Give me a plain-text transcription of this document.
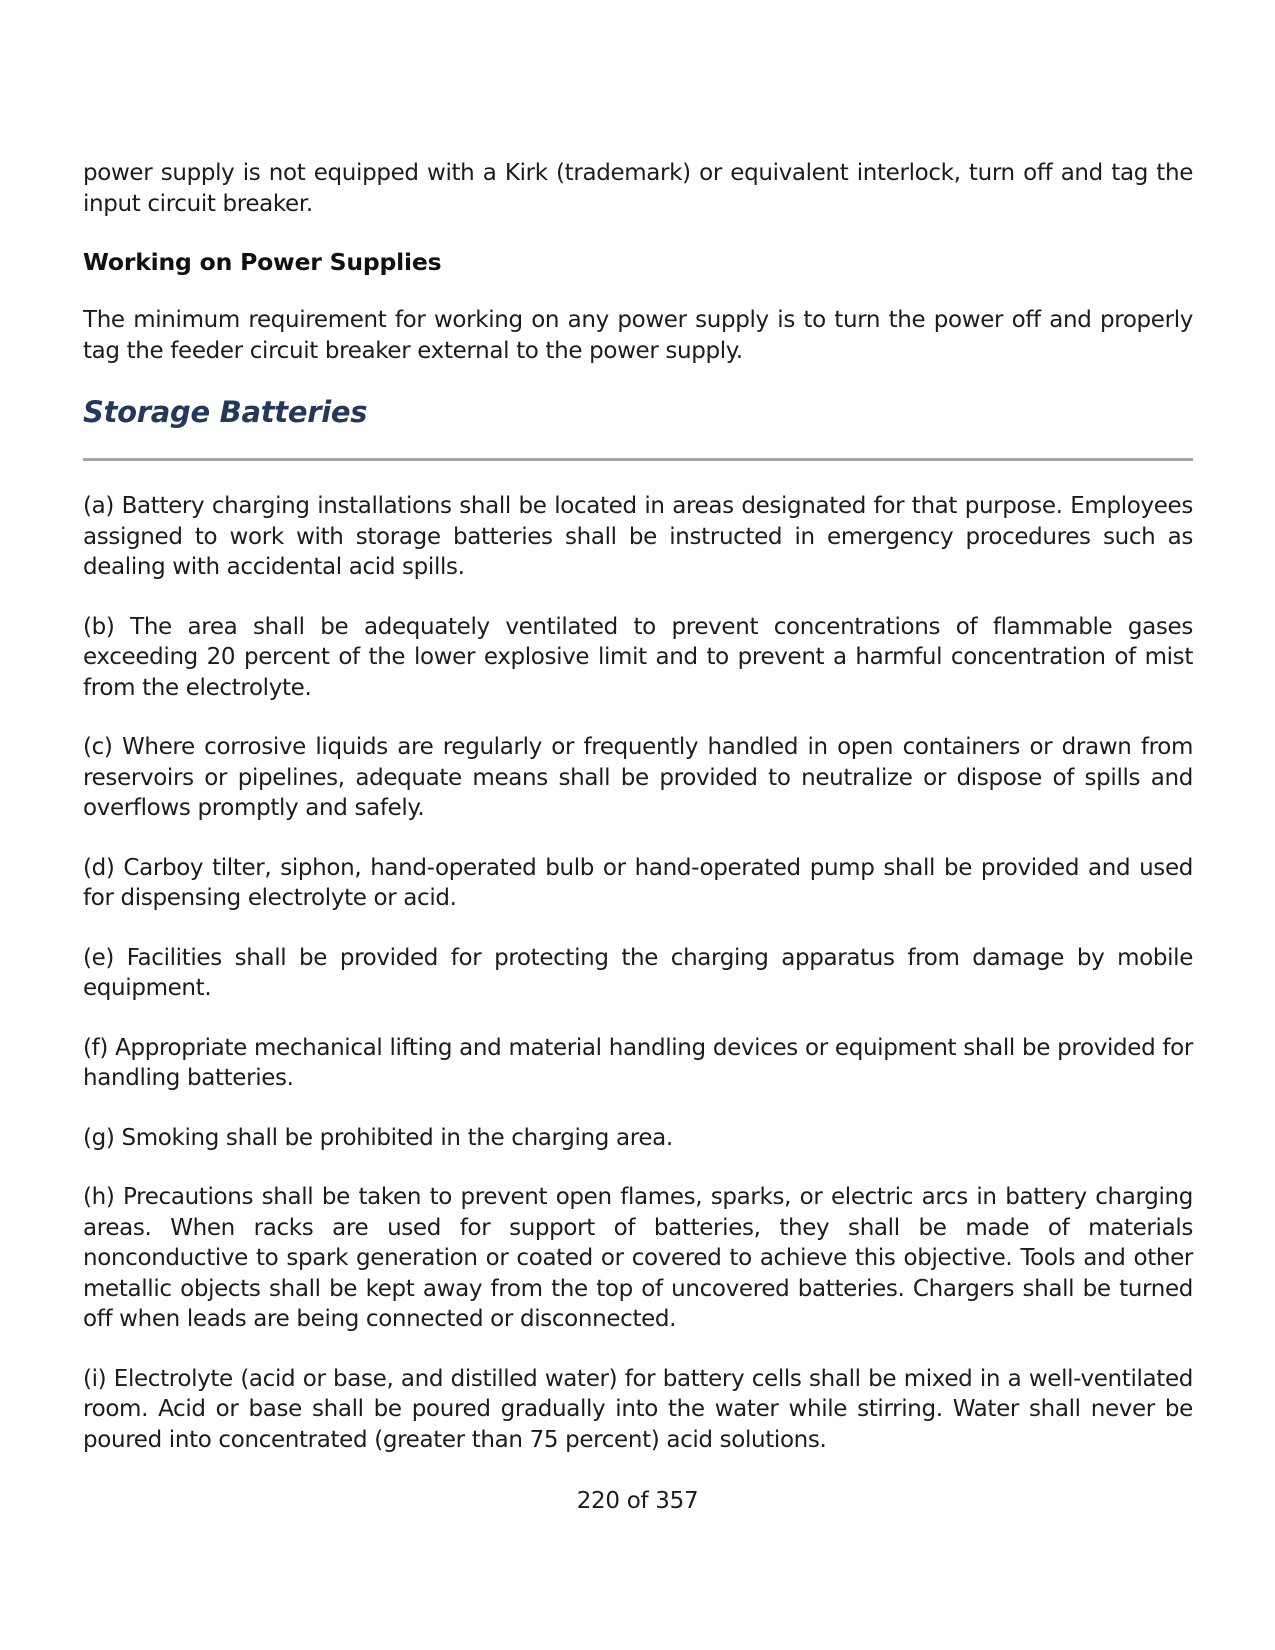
power supply is not equipped with a Kirk (trademark) or equivalent interlock, turn off and tag the input circuit breaker.

Working on Power Supplies

The minimum requirement for working on any power supply is to turn the power off and properly tag the feeder circuit breaker external to the power supply.

Storage Batteries

(a) Battery charging installations shall be located in areas designated for that purpose. Employees assigned to work with storage batteries shall be instructed in emergency procedures such as dealing with accidental acid spills.

(b) The area shall be adequately ventilated to prevent concentrations of flammable gases exceeding 20 percent of the lower explosive limit and to prevent a harmful concentration of mist from the electrolyte.

(c) Where corrosive liquids are regularly or frequently handled in open containers or drawn from reservoirs or pipelines, adequate means shall be provided to neutralize or dispose of spills and overflows promptly and safely.

(d) Carboy tilter, siphon, hand-operated bulb or hand-operated pump shall be provided and used for dispensing electrolyte or acid.

(e) Facilities shall be provided for protecting the charging apparatus from damage by mobile equipment.

(f) Appropriate mechanical lifting and material handling devices or equipment shall be provided for handling batteries.

(g) Smoking shall be prohibited in the charging area.

(h) Precautions shall be taken to prevent open flames, sparks, or electric arcs in battery charging areas. When racks are used for support of batteries, they shall be made of materials nonconductive to spark generation or coated or covered to achieve this objective. Tools and other metallic objects shall be kept away from the top of uncovered batteries. Chargers shall be turned off when leads are being connected or disconnected.

(i) Electrolyte (acid or base, and distilled water) for battery cells shall be mixed in a well-ventilated room. Acid or base shall be poured gradually into the water while stirring. Water shall never be poured into concentrated (greater than 75 percent) acid solutions.

220 of 357
